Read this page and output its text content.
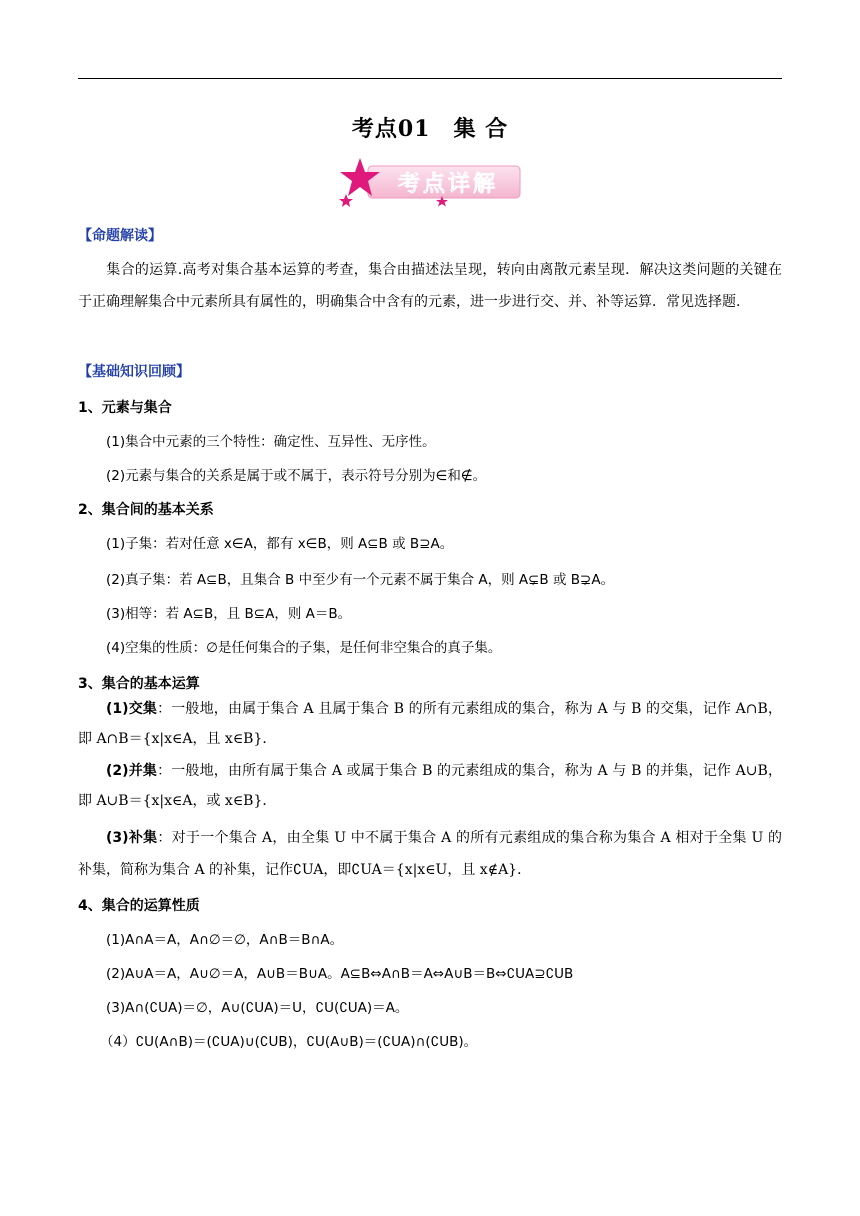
考点01　集 合
考点详解
【命题解读】
集合的运算.高考对集合基本运算的考查，集合由描述法呈现，转向由离散元素呈现．解决这类问题的关键在于正确理解集合中元素所具有属性的，明确集合中含有的元素，进一步进行交、并、补等运算．常见选择题.
【基础知识回顾】
1、元素与集合
(1)集合中元素的三个特性：确定性、互异性、无序性。
(2)元素与集合的关系是属于或不属于，表示符号分别为∈和∉。
2、集合间的基本关系
(1)子集：若对任意 x∈A，都有 x∈B，则 A⊆B 或 B⊇A。
(2)真子集：若 A⊆B，且集合 B 中至少有一个元素不属于集合 A，则 A⊊B 或 B⊋A。
(3)相等：若 A⊆B，且 B⊆A，则 A＝B。
(4)空集的性质：∅是任何集合的子集，是任何非空集合的真子集。
3、集合的基本运算
(1)交集：一般地，由属于集合 A 且属于集合 B 的所有元素组成的集合，称为 A 与 B 的交集，记作 A∩B，即 A∩B＝{x|x∈A，且 x∈B}．
(2)并集：一般地，由所有属于集合 A 或属于集合 B 的元素组成的集合，称为 A 与 B 的并集，记作 A∪B，即 A∪B＝{x|x∈A，或 x∈B}．
(3)补集：对于一个集合 A，由全集 U 中不属于集合 A 的所有元素组成的集合称为集合 A 相对于全集 U 的补集，简称为集合 A 的补集，记作∁UA，即∁UA＝{x|x∈U，且 x∉A}．
4、集合的运算性质
(1)A∩A＝A，A∩∅＝∅，A∩B＝B∩A。
(2)A∪A＝A，A∪∅＝A，A∪B＝B∪A。A⊆B⇔A∩B＝A⇔A∪B＝B⇔∁UA⊇∁UB
(3)A∩(∁UA)＝∅，A∪(∁UA)＝U，∁U(∁UA)＝A。
（4）∁U(A∩B)＝(∁UA)∪(∁UB)，∁U(A∪B)＝(∁UA)∩(∁UB)。
